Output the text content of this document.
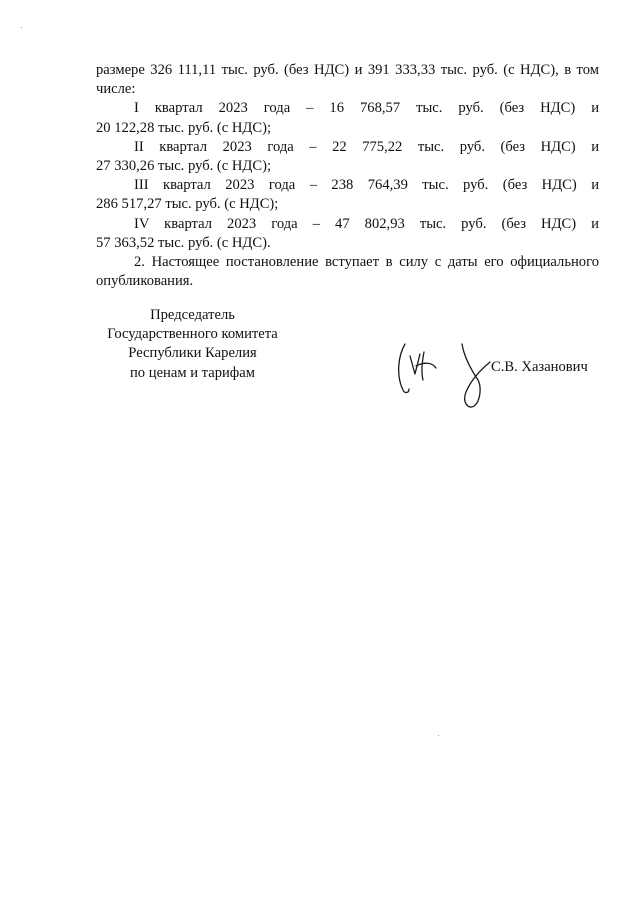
размере 326 111,11 тыс. руб. (без НДС) и 391 333,33 тыс. руб. (с НДС), в том
числе:
I квартал 2023 года – 16 768,57 тыс. руб. (без НДС) и
20 122,28 тыс. руб. (с НДС);
II квартал 2023 года – 22 775,22 тыс. руб. (без НДС) и
27 330,26 тыс. руб. (с НДС);
III квартал 2023 года – 238 764,39 тыс. руб. (без НДС) и
286 517,27 тыс. руб. (с НДС);
IV квартал 2023 года – 47 802,93 тыс. руб. (без НДС) и
57 363,52 тыс. руб. (с НДС).
2. Настоящее постановление вступает в силу с даты его официального
опубликования.
Председатель
Государственного комитета
Республики Карелия
по ценам и тарифам	С.В. Хазанович
